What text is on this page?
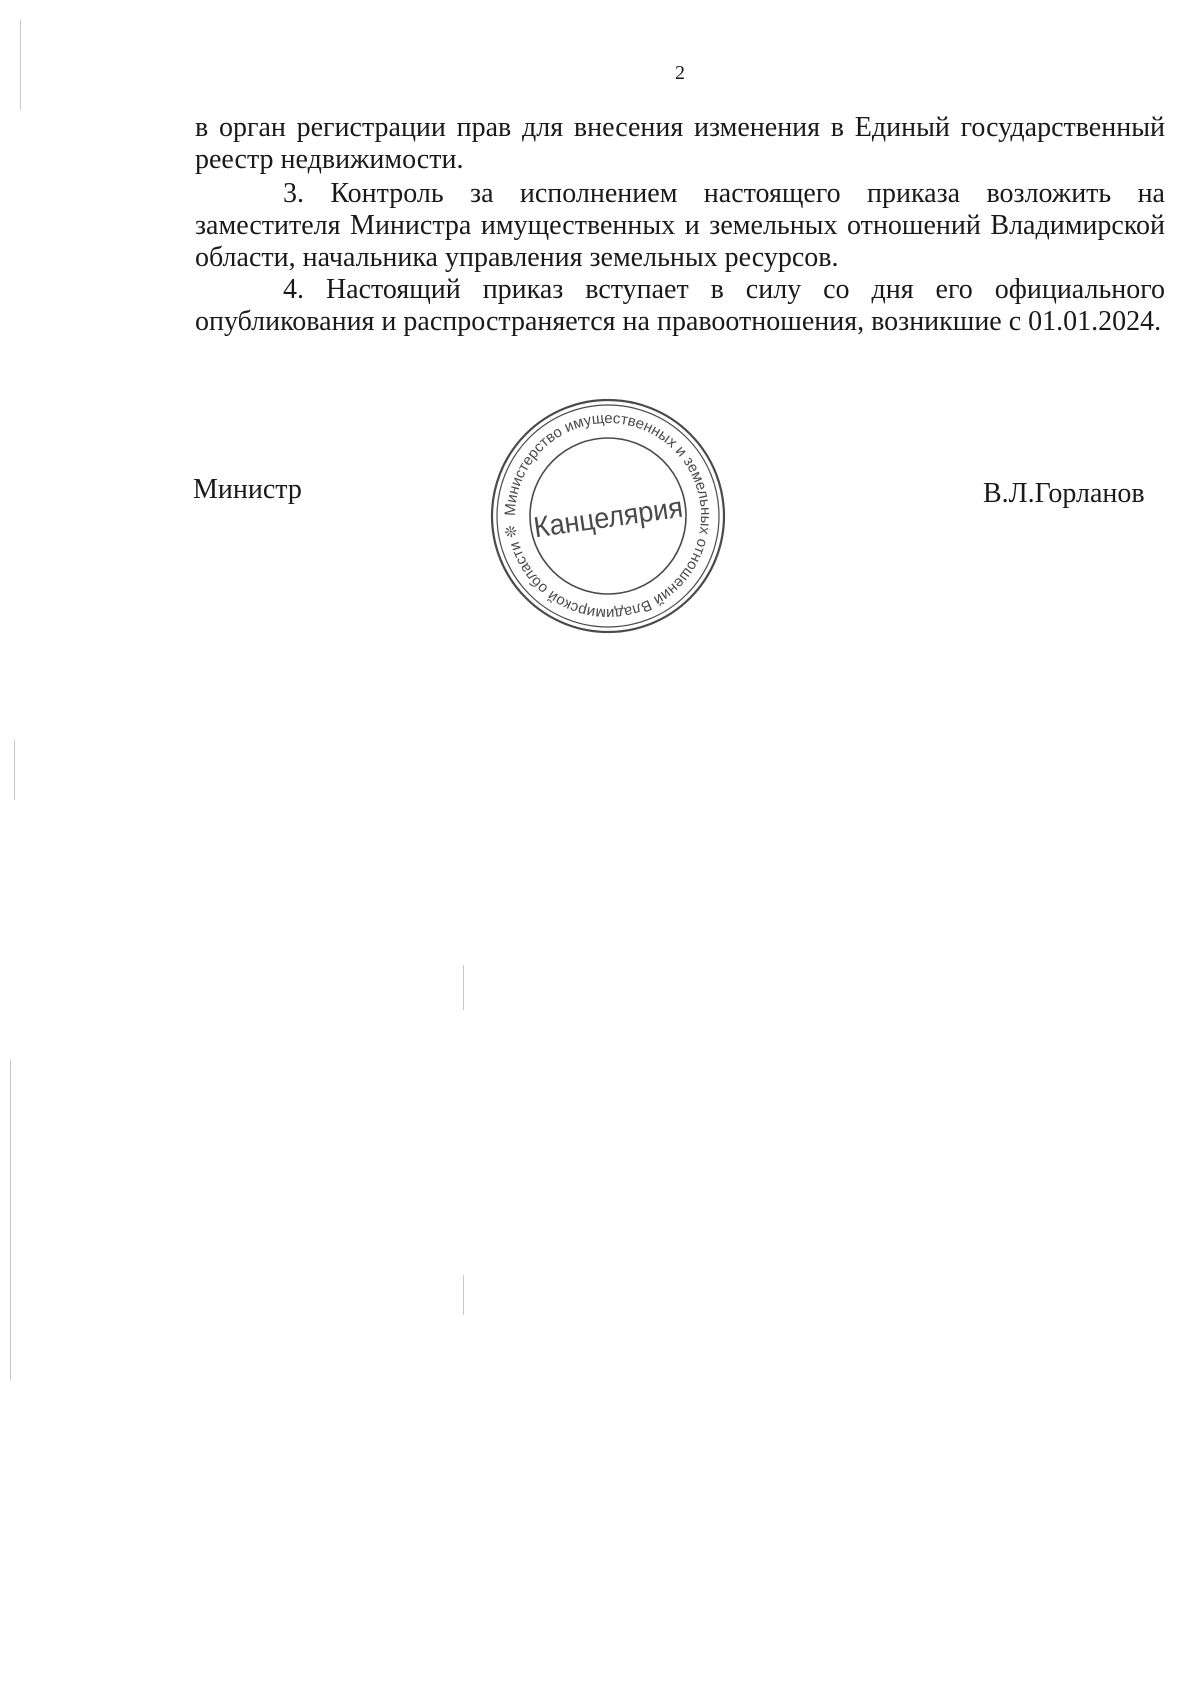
2

в орган регистрации прав для внесения изменения в Единый государственный реестр недвижимости.

3. Контроль за исполнением настоящего приказа возложить на заместителя Министра имущественных и земельных отношений Владимирской области, начальника управления земельных ресурсов.

4. Настоящий приказ вступает в силу со дня его официального опубликования и распространяется на правоотношения, возникшие с 01.01.2024.

Министр
Министерство имущественных и земельных отношений Владимирской области ❊ Канцелярия	В.Л.Горланов
